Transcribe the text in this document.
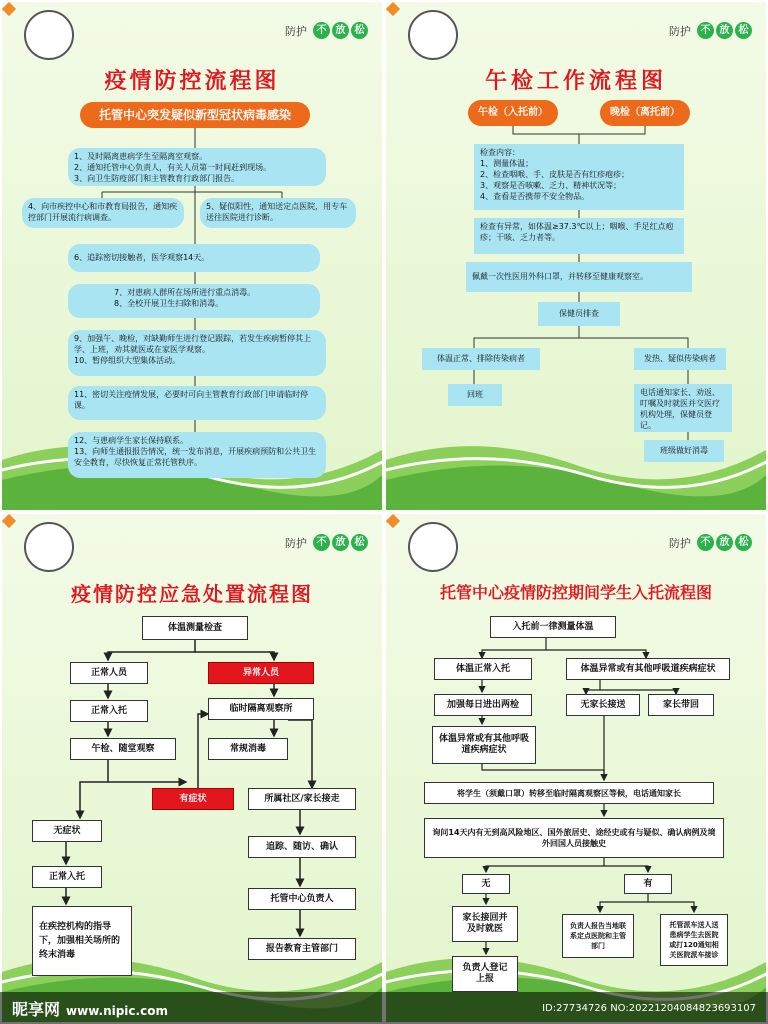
防护 不 放 松
疫情防控流程图
托管中心突发疑似新型冠状病毒感染
1、及时隔离患病学生至隔离室观察。
2、通知托管中心负责人，有关人员第一时间赶到现场。
3、向卫生防疫部门和主管教育行政部门报告。
4、向市疾控中心和市教育局报告，通知疾控部门开展流行病调查。
5、疑似阳性，通知送定点医院，用专车送往医院进行诊断。
6、追踪密切接触者，医学观察14天。
7、对患病人群所在场所进行重点消毒。
8、全校开展卫生扫除和消毒。
9、加强午、晚检，对缺勤师生进行登记跟踪，若发生疾病暂停其上学、上班，劝其就医或在家医学观察。
10、暂停组织大型集体活动。
11、密切关注疫情发展，必要时可向主管教育行政部门申请临时停课。
12、与患病学生家长保持联系。
13、向师生通报报告情况，统一发布消息，开展疾病预防和公共卫生安全教育，尽快恢复正常托管秩序。
防护 不 放 松
午检工作流程图
午检（入托前）	晚检（离托前）
检查内容：
1、测量体温；
2、检查咽喉、手、皮肤是否有红疹疱疹；
3、观察是否咳嗽、乏力、精神状况等；
4、查看是否携带不安全物品。
检查有异常，如体温≥37.3℃以上；咽喉、手足红点疱疹；干咳、乏力者等。
佩戴一次性医用外科口罩，并转移至健康观察室。
保健员排查
体温正常、排除传染病者	发热、疑似传染病者
回班	电话通知家长、劝返、叮嘱及时就医并交医疗机构处理，保健员登记。
班级做好消毒
防护 不 放 松
疫情防控应急处置流程图
体温测量检查
正常人员	异常人员
正常入托	临时隔离观察所
午检、随堂观察	常规消毒
有症状	所属社区/家长接走
无症状
追踪、随访、确认
正常入托
托管中心负责人
在疾控机构的指导下，加强相关场所的终末消毒
报告教育主管部门
防护 不 放 松
托管中心疫情防控期间学生入托流程图
入托前一律测量体温
体温正常入托	体温异常或有其他呼吸道疾病症状
加强每日进出两检	无家长接送	家长带回
体温异常或有其他呼吸道疾病症状
将学生（须戴口罩）转移至临时隔离观察区等候，电话通知家长
询问14天内有无到高风险地区、国外旅居史、途经史或有与疑似、确认病例及境外回国人员接触史
无	有
家长接回并及时就医	负责人报告当地联系定点医院和主管部门
托管派车送人送患病学生去医院或打120通知相关医院派车接诊
负责人登记上报
昵享网 www.nipic.com	ID:27734726 NO:20221204084823693107
